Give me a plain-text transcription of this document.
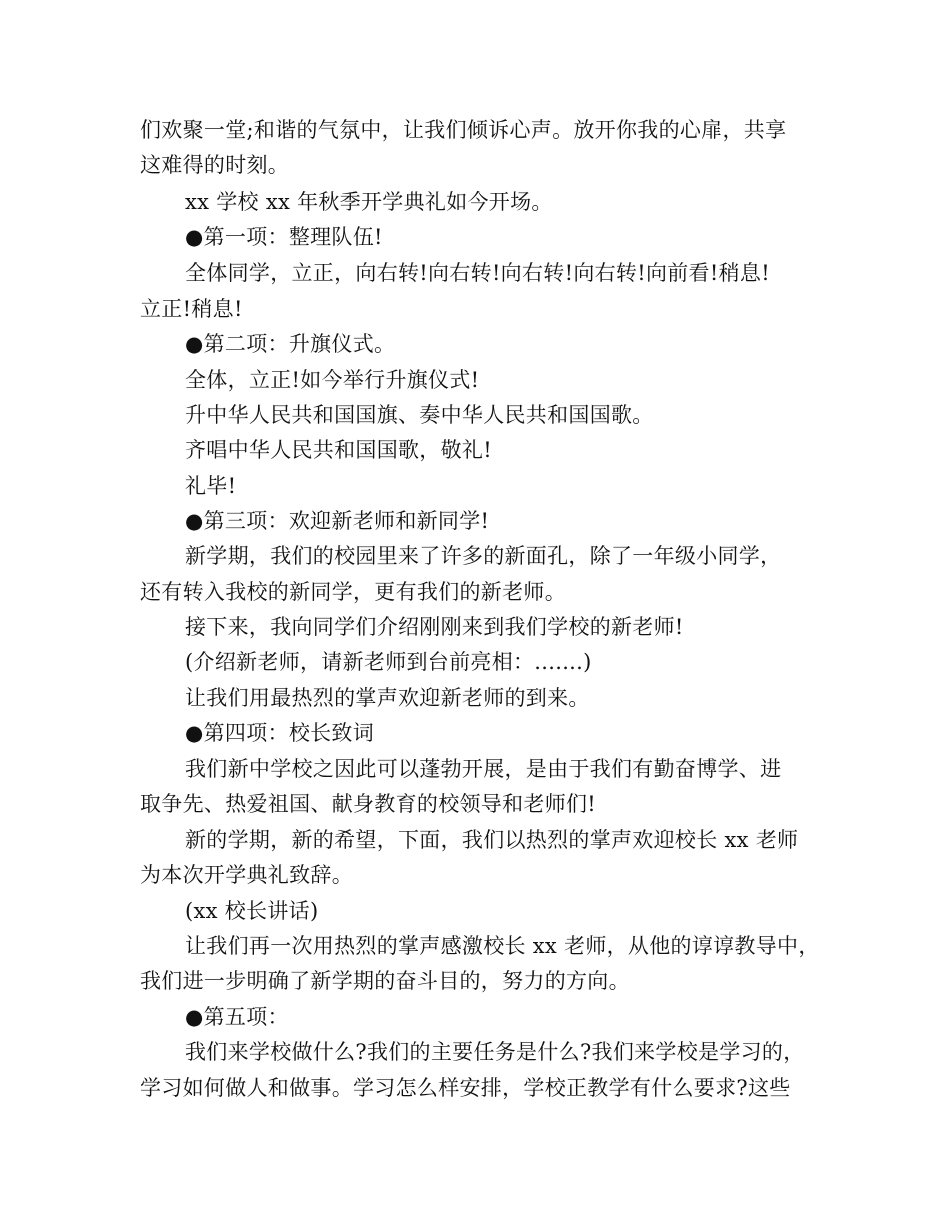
们欢聚一堂;和谐的气氛中，让我们倾诉心声。放开你我的心扉，共享
这难得的时刻。
xx 学校 xx 年秋季开学典礼如今开场。
●第一项：整理队伍!
全体同学，立正，向右转!向右转!向右转!向右转!向前看!稍息!
立正!稍息!
●第二项：升旗仪式。
全体，立正!如今举行升旗仪式!
升中华人民共和国国旗、奏中华人民共和国国歌。
齐唱中华人民共和国国歌，敬礼!
礼毕!
●第三项：欢迎新老师和新同学!
新学期，我们的校园里来了许多的新面孔，除了一年级小同学，
还有转入我校的新同学，更有我们的新老师。
接下来，我向同学们介绍刚刚来到我们学校的新老师!
(介绍新老师，请新老师到台前亮相：.......)
让我们用最热烈的掌声欢迎新老师的到来。
●第四项：校长致词
我们新中学校之因此可以蓬勃开展，是由于我们有勤奋博学、进
取争先、热爱祖国、献身教育的校领导和老师们!
新的学期，新的希望，下面，我们以热烈的掌声欢迎校长 xx 老师
为本次开学典礼致辞。
(xx 校长讲话)
让我们再一次用热烈的掌声感激校长 xx 老师，从他的谆谆教导中，
我们进一步明确了新学期的奋斗目的，努力的方向。
●第五项：
我们来学校做什么?我们的主要任务是什么?我们来学校是学习的，
学习如何做人和做事。学习怎么样安排，学校正教学有什么要求?这些
